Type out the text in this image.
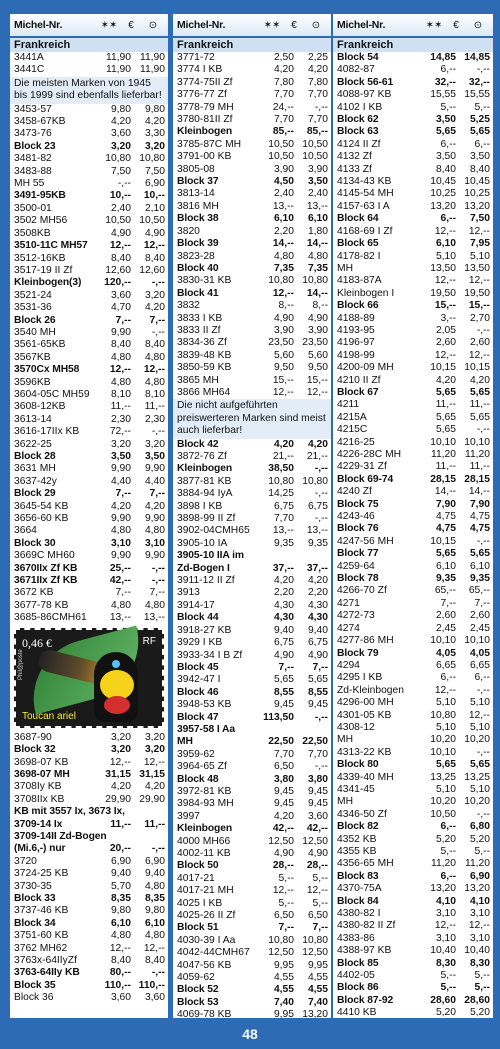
Michel-Nr.	✶✶	€	⊙
Frankreich
3441A	11,90 11,90
3441C	11,90 11,90
Die meisten Marken von 1945 bis 1999 sind ebenfalls lieferbar!
3453-57	9,80	9,80
3458-67KB	4,20	4,20
3473-76	3,60	3,30
Block 23	3,20	3,20
3481-82	10,80 10,80
3483-88	7,50	7,50
MH 55	-,--	6,90
3491-95KB	10,--	10,--
3500-01	2,40	2,10
3502 MH56	10,50 10,50
3508KB	4,90	4,90
3510-11C MH57	12,--	12,--
3512-16KB	8,40	8,40
3517-19 II Zf	12,60 12,60
Kleinbogen(3)	120,--	-,--
3521-24	3,60	3,20
3531-36	4,70	4,20
Block 26	7,--	7,--
3540 MH	9,90	-,--
3561-65KB	8,40	8,40
3567KB	4,80	4,80
3570Cx MH58	12,--	12,--
3596KB	4,80	4,80
3604-05C MH59	8,10	8,10
3608-12KB	11,--	11,--
3613-14	2,30	2,30
3616-17IIx KB	72,--	-,--
3622-25	3,20	3,20
Block 28	3,50	3,50
3631 MH	9,90	9,90
3637-42y	4,40	4,40
Block 29	7,--	7,--
3645-54 KB	4,20	4,20
3656-60 KB	9,90	9,90
3664	4,80	4,80
Block 30	3,10	3,10
3669C MH60	9,90	9,90
3670IIx Zf KB	25,--	-,--
3671IIx Zf KB	42,--	-,--
3672 KB	7,--	7,--
3677-78 KB	4,80	4,80
3685-86CMH61	13,--	13,--
0,46 €	RF
Toucan ariel
Phil@poste
3687-90	3,20	3,20
Block 32	3,20	3,20
3698-07 KB	12,--	12,--
3698-07 MH	31,15 31,15
3708Iy KB	4,20	4,20
3708IIx KB	29,90 29,90
KB mit 3557 Ix, 3673 Ix,
3709-14 Ix	11,--	11,--
3709-14II Zd-Bogen
(Mi.6,-) nur	20,--	-,--
3720	6,90	6,90
3724-25 KB	9,40	9,40
3730-35	5,70	4,80
Block 33	8,35	8,35
3737-46 KB	9,80	9,80
Block 34	6,10	6,10
3751-60 KB	4,80	4,80
3762 MH62	12,--	12,--
3763x-64IIyZf	8,40	8,40
3763-64IIy KB	80,--	-,--
Block 35	110,-- 110,--
Block 36	3,60	3,60
Michel-Nr.	✶✶	€	⊙
Frankreich
3771-72	2,50	2,25
3774 I KB	4,20	4,20
3774-75II Zf	7,80	7,80
3776-77 Zf	7,70	7,70
3778-79 MH	24,--	-,--
3780-81II Zf	7,70	7,70
Kleinbogen	85,--	85,--
3785-87C MH	10,50 10,50
3791-00 KB	10,50 10,50
3805-08	3,90	3,90
Block 37	4,50	3,50
3813-14	2,40	2,40
3816 MH	13,--	13,--
Block 38	6,10	6,10
3820	2,20	1,80
Block 39	14,--	14,--
3823-28	4,80	4,80
Block 40	7,35	7,35
3830-31 KB	10,80 10,80
Block 41	12,--	14,--
3832	8,--	8,--
3833 I KB	4,90	4,90
3833 II Zf	3,90	3,90
3834-36 Zf	23,50 23,50
3839-48 KB	5,60	5,60
3850-59 KB	9,50	9,50
3865 MH	15,--	15,--
3866 MH64	12,--	12,--
Die nicht aufgeführten preiswerteren Marken sind meist auch lieferbar!
Block 42	4,20	4,20
3872-76 Zf	21,--	21,--
Kleinbogen	38,50	-,--
3877-81 KB	10,80 10,80
3884-94 IyA	14,25	-,--
3898 I KB	6,75	6,75
3898-99 II Zf	7,70	-,--
3902-04CMH65	13,--	13,--
3905-10 IA	9,35	9,35
3905-10 IIA im
Zd-Bogen I	37,--	37,--
3911-12 II Zf	4,20	4,20
3913	2,20	2,20
3914-17	4,30	4,30
Block 44	4,30	4,30
3918-27 KB	9,40	9,40
3929 I KB	6,75	6,75
3933-34 I B Zf	4,90	4,90
Block 45	7,--	7,--
3942-47 I	5,65	5,65
Block 46	8,55	8,55
3948-53 KB	9,45	9,45
Block 47	113,50	-,--
3957-58 I Aa
MH	22,50 22,50
3959-62	7,70	7,70
3964-65 Zf	6,50	-,--
Block 48	3,80	3,80
3972-81 KB	9,45	9,45
3984-93 MH	9,45	9,45
3997	4,20	3,60
Kleinbogen	42,--	42,--
4000 MH66	12,50 12,50
4002-11 KB	4,90	4,90
Block 50	28,--	28,--
4017-21	5,--	5,--
4017-21 MH	12,--	12,--
4025 I KB	5,--	5,--
4025-26 II Zf	6,50	6,50
Block 51	7,--	7,--
4030-39 I Aa	10,80 10,80
4042-44CMH67	12,50 12,50
4047-56 KB	9,95	9,95
4059-62	4,55	4,55
Block 52	4,55	4,55
Block 53	7,40	7,40
4069-78 KB	9,95 13,20
Michel-Nr.	✶✶	€	⊙
Frankreich
Block 54	14,85 14,85
4082-87	6,--	-,--
Block 56-61	32,--	32,--
4088-97 KB	15,55 15,55
4102 I KB	5,--	5,--
Block 62	3,50	5,25
Block 63	5,65	5,65
4124 II Zf	6,--	6,--
4132 Zf	3,50	3,50
4133 Zf	8,40	8,40
4134-43 KB	10,45 10,45
4145-54 MH	10,25 10,25
4157-63 I A	13,20 13,20
Block 64	6,--	7,50
4168-69 I Zf	12,--	12,--
Block 65	6,10	7,95
4178-82 I	5,10	5,10
MH	13,50 13,50
4183-87A	12,--	12,--
Kleinbogen I	19,50 19,50
Block 66	15,--	15,--
4188-89	3,--	2,70
4193-95	2,05	-,--
4196-97	2,60	2,60
4198-99	12,--	12,--
4200-09 MH	10,15 10,15
4210 II Zf	4,20	4,20
Block 67	5,65	5,65
4211	11,--	11,--
4215A	5,65	5,65
4215C	5,65	-,--
4216-25	10,10 10,10
4226-28C MH	11,20 11,20
4229-31 Zf	11,--	11,--
Block 69-74	28,15 28,15
4240 Zf	14,--	14,--
Block 75	7,90	7,90
4243-46	4,75	4,75
Block 76	4,75	4,75
4247-56 MH	10,15	-,--
Block 77	5,65	5,65
4259-64	6,10	6,10
Block 78	9,35	9,35
4266-70 Zf	65,--	65,--
4271	7,--	7,--
4272-73	2,60	2,60
4274	2,45	2,45
4277-86 MH	10,10 10,10
Block 79	4,05	4,05
4294	6,65	6,65
4295 I KB	6,--	6,--
Zd-Kleinbogen	12,--	-,--
4296-00 MH	5,10	5,10
4301-05 KB	10,80	12,--
4308-12	5,10	5,10
MH	10,20 10,20
4313-22 KB	10,10	-,--
Block 80	5,65	5,65
4339-40 MH	13,25 13,25
4341-45	5,10	5,10
MH	10,20 10,20
4346-50 Zf	10,50	-,--
Block 82	6,--	6,80
4352 KB	5,20	5,20
4355 KB	5,--	5,--
4356-65 MH	11,20 11,20
Block 83	6,--	6,90
4370-75A	13,20 13,20
Block 84	4,10	4,10
4380-82 I	3,10	3,10
4380-82 II Zf	12,--	12,--
4383-86	3,10	3,10
4388-97 KB	10,40 10,40
Block 85	8,30	8,30
4402-05	5,--	5,--
Block 86	5,--	5,--
Block 87-92	28,60 28,60
4410 KB	5,20	5,20
48
